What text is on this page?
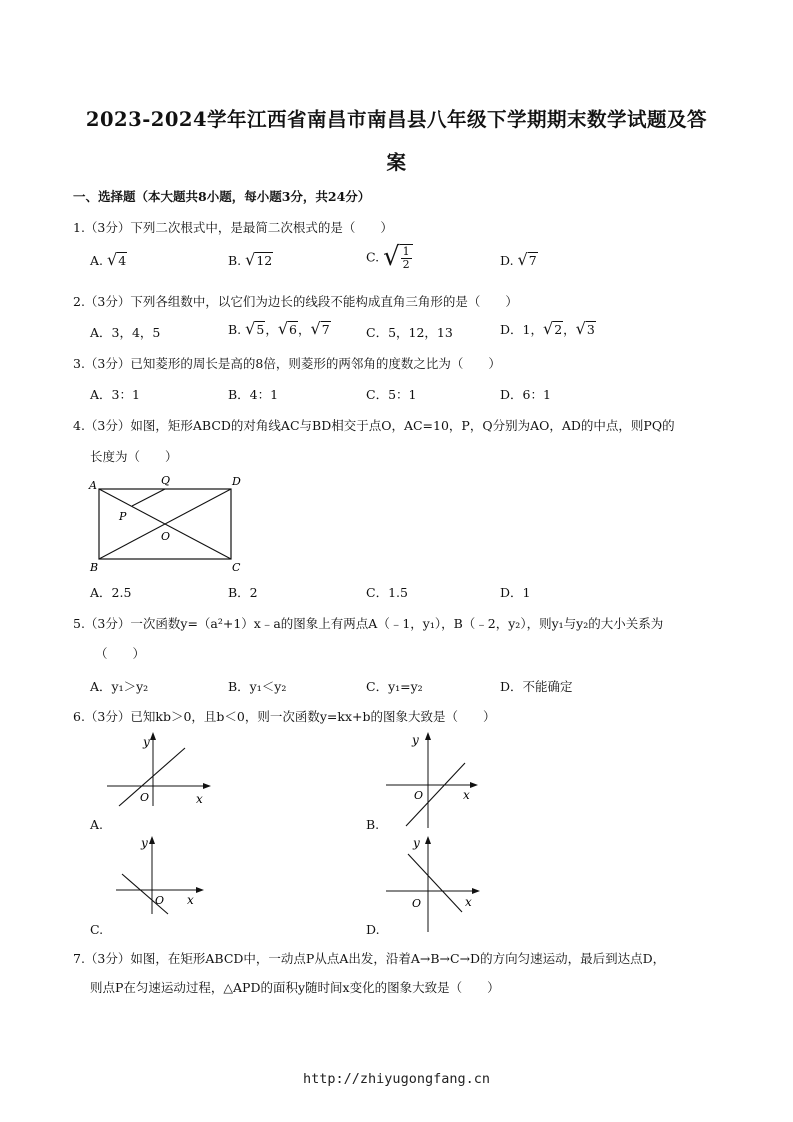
2023-2024学年江西省南昌市南昌县八年级下学期期末数学试题及答
案
一、选择题（本大题共8小题，每小题3分，共24分）
1.（3分）下列二次根式中，是最简二次根式的是（　　）
A. √ 4	B. √ 12	C. √ $\frac{1}{2}$	D. √ 7
2.（3分）下列各组数中，以它们为边长的线段不能构成直角三角形的是（　　）
A．3，4，5	B. √ 5 ， √ 6 ， √ 7	C．5，12，13	D．1， √ 2 ， √ 3
3.（3分）已知菱形的周长是高的8倍，则菱形的两邻角的度数之比为（　　）
A．3：1	B．4：1	C．5：1	D．6：1
4.（3分）如图，矩形ABCD的对角线AC与BD相交于点O，AC=10，P，Q分别为AO，AD的中点，则PQ的
长度为（　　）
A	Q	D
P
O
B	C
A．2.5	B．2	C．1.5	D．1
5.（3分）一次函数y=（a²+1）x﹣a的图象上有两点A（﹣1，y₁），B（﹣2，y₂），则y₁与y₂的大小关系为
（　　）
A．y₁＞y₂	B．y₁＜y₂	C．y₁=y₂	D．不能确定
6.（3分）已知kb＞0，且b＜0，则一次函数y=kx+b的图象大致是（　　）
y
O	x
A.
y
O	x
B.
y
O x
C.
y
O	x
D.
7.（3分）如图，在矩形ABCD中，一动点P从点A出发，沿着A→B→C→D的方向匀速运动，最后到达点D，
则点P在匀速运动过程，△APD的面积y随时间x变化的图象大致是（　　）
http://zhiyugongfang.cn
